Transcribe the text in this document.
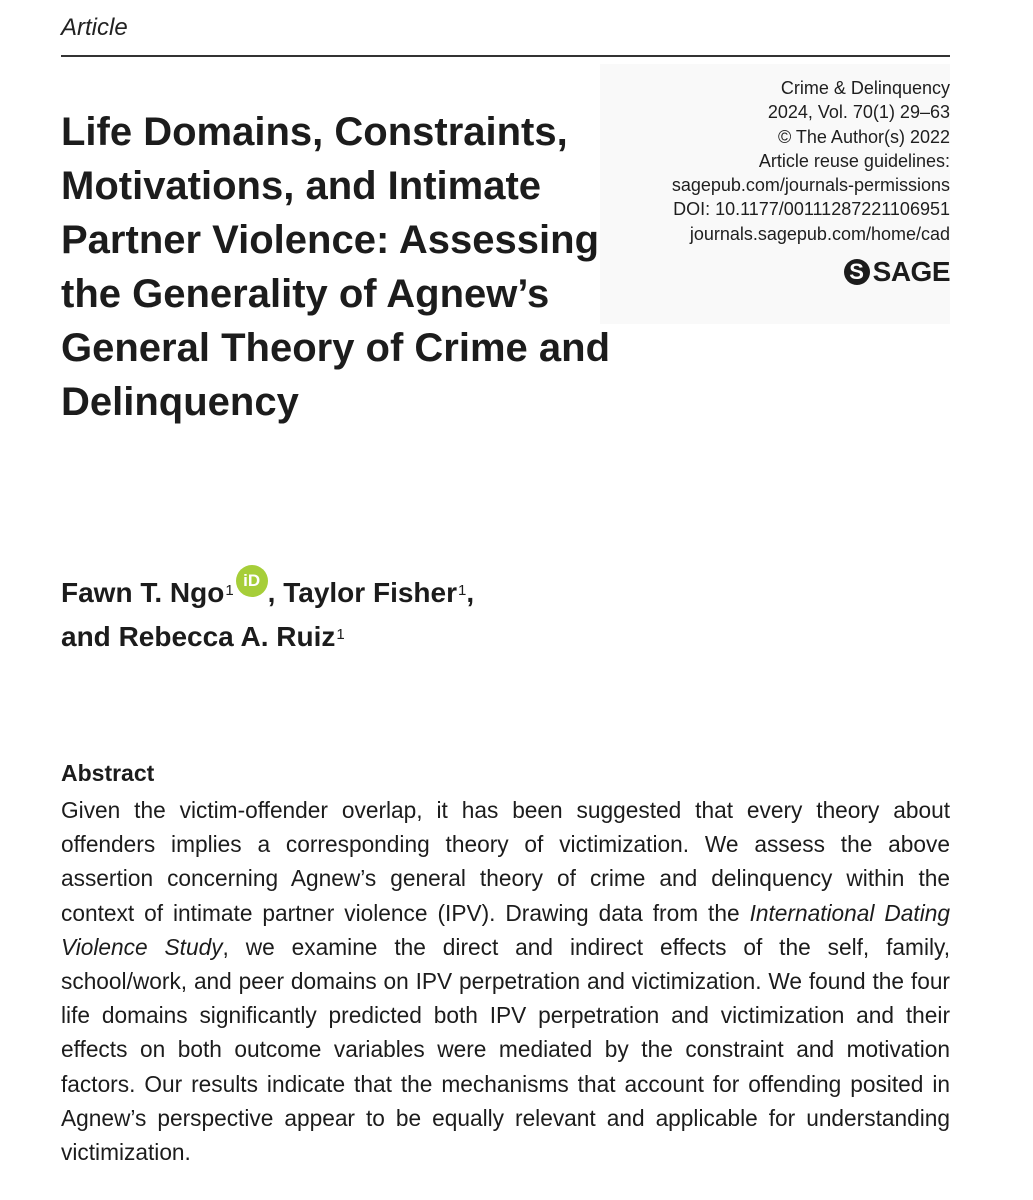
Article
Crime & Delinquency
2024, Vol. 70(1) 29–63
© The Author(s) 2022
Article reuse guidelines:
sagepub.com/journals-permissions
DOI: 10.1177/00111287221106951
journals.sagepub.com/home/cad
S SAGE
Life Domains, Constraints, Motivations, and Intimate Partner Violence: Assessing the Generality of Agnew’s General Theory of Crime and Delinquency
Fawn T. Ngo$^1$iD , Taylor Fisher$^1$,
and Rebecca A. Ruiz$^1$
Abstract

Given the victim-offender overlap, it has been suggested that every theory about offenders implies a corresponding theory of victimization. We assess the above assertion concerning Agnew’s general theory of crime and delinquency within the context of intimate partner violence (IPV). Drawing data from the International Dating Violence Study, we examine the direct and indirect effects of the self, family, school/work, and peer domains on IPV perpetration and victimization. We found the four life domains significantly predicted both IPV perpetration and victimization and their effects on both outcome variables were mediated by the constraint and motivation factors. Our results indicate that the mechanisms that account for offending posited in Agnew’s perspective appear to be equally relevant and applicable for understanding victimization.
